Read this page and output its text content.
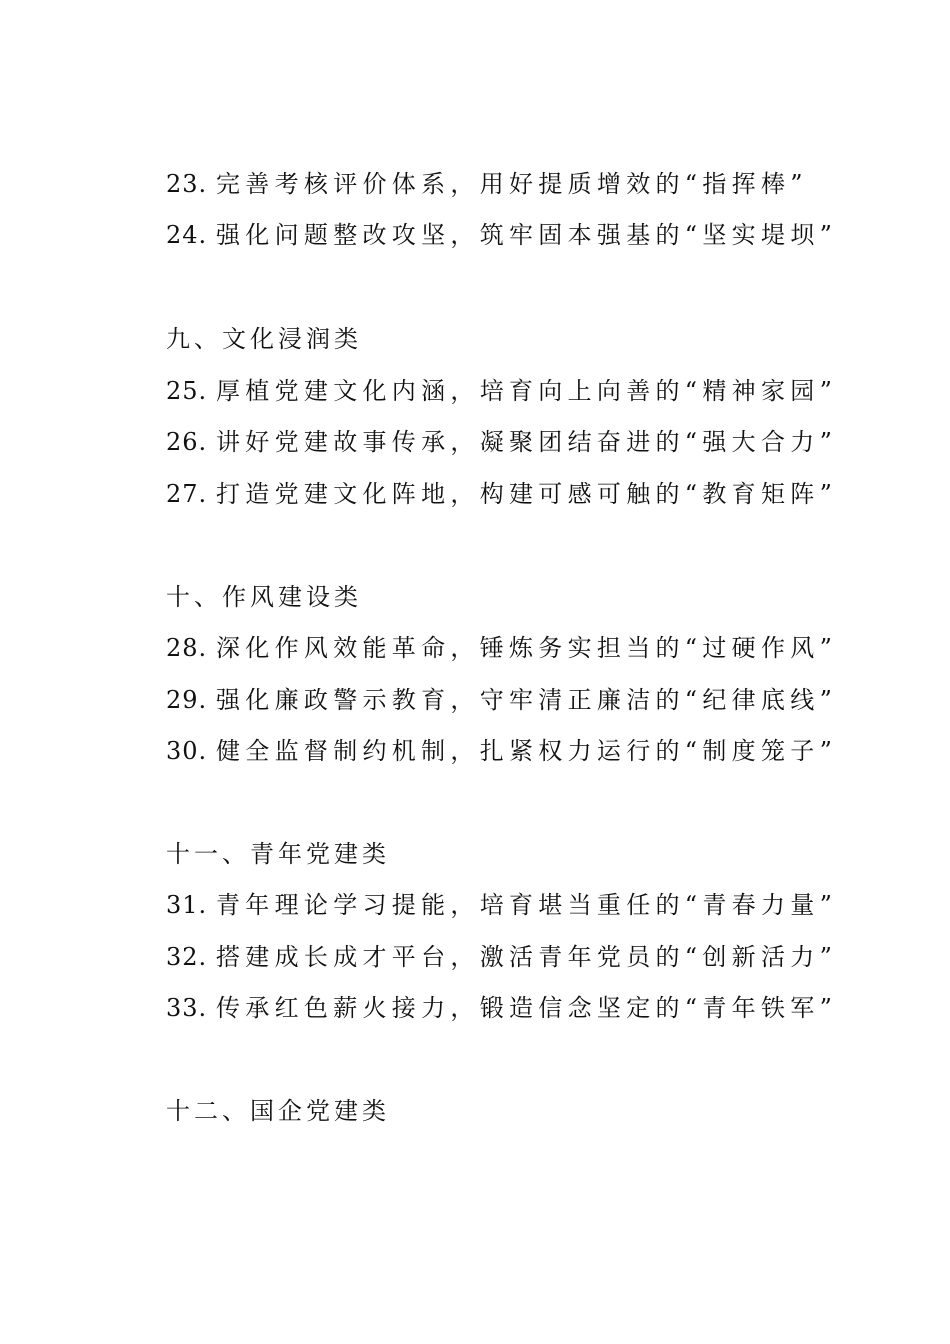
23. 完善考核评价体系，用好提质增效的“指挥棒”
24. 强化问题整改攻坚，筑牢固本强基的“坚实堤坝”
九、文化浸润类
25. 厚植党建文化内涵，培育向上向善的“精神家园”
26. 讲好党建故事传承，凝聚团结奋进的“强大合力”
27. 打造党建文化阵地，构建可感可触的“教育矩阵”
十、作风建设类
28. 深化作风效能革命，锤炼务实担当的“过硬作风”
29. 强化廉政警示教育，守牢清正廉洁的“纪律底线”
30. 健全监督制约机制，扎紧权力运行的“制度笼子”
十一、青年党建类
31. 青年理论学习提能，培育堪当重任的“青春力量”
32. 搭建成长成才平台，激活青年党员的“创新活力”
33. 传承红色薪火接力，锻造信念坚定的“青年铁军”
十二、国企党建类
